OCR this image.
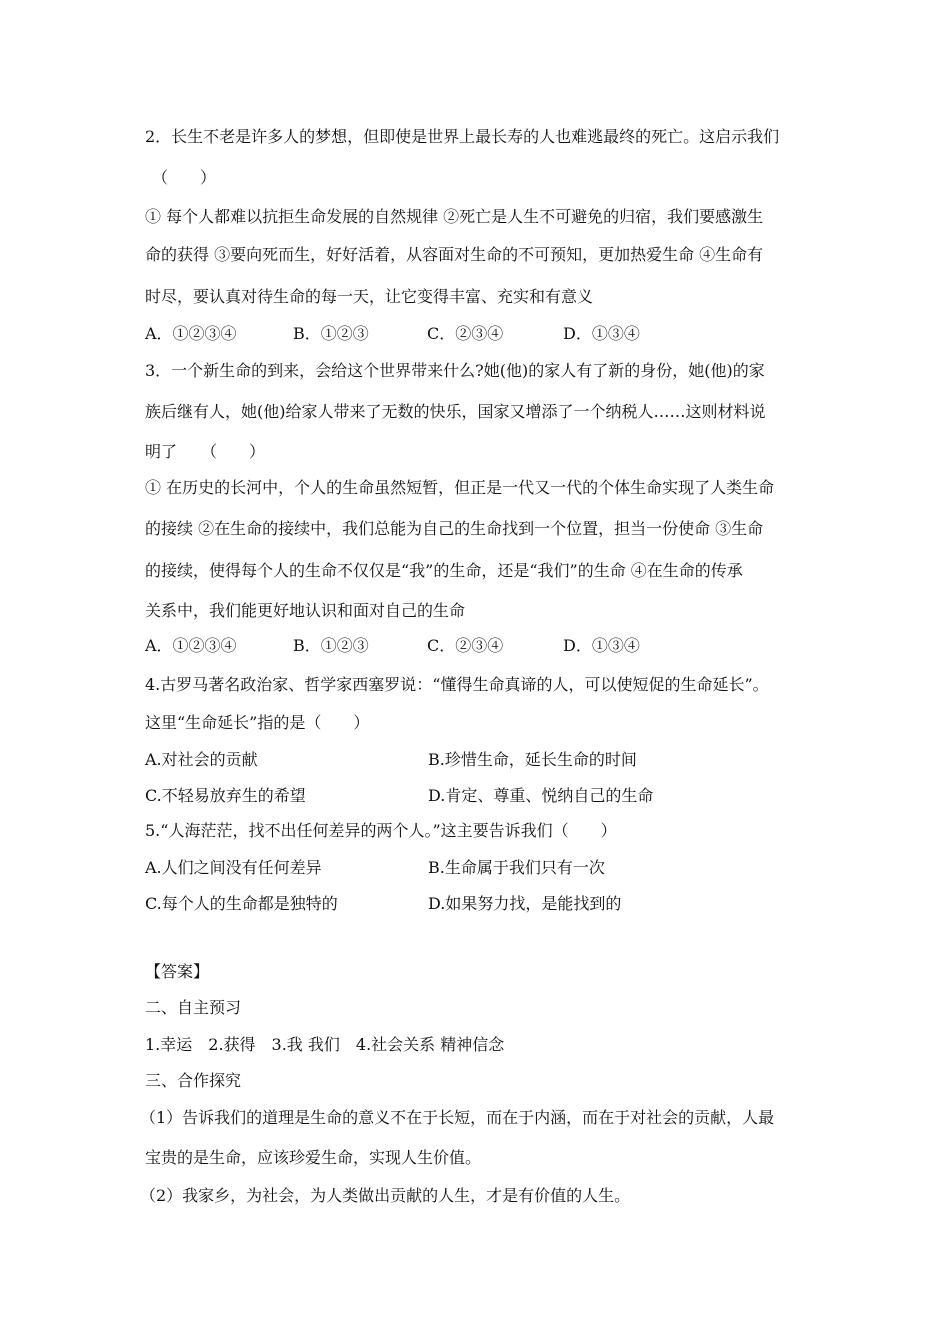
2．长生不老是许多人的梦想，但即使是世界上最长寿的人也难逃最终的死亡。这启示我们
（　　）
① 每个人都难以抗拒生命发展的自然规律 ②死亡是人生不可避免的归宿，我们要感激生
命的获得 ③要向死而生，好好活着，从容面对生命的不可预知，更加热爱生命 ④生命有
时尽，要认真对待生命的每一天，让它变得丰富、充实和有意义
A．①②③④	B．①②③	C．②③④	D．①③④
3．一个新生命的到来，会给这个世界带来什么?她(他)的家人有了新的身份，她(他)的家
族后继有人，她(他)给家人带来了无数的快乐，国家又增添了一个纳税人……这则材料说
明了　　（　　）
① 在历史的长河中，个人的生命虽然短暂，但正是一代又一代的个体生命实现了人类生命
的接续 ②在生命的接续中，我们总能为自己的生命找到一个位置，担当一份使命 ③生命
的接续，使得每个人的生命不仅仅是“我”的生命，还是“我们”的生命 ④在生命的传承
关系中，我们能更好地认识和面对自己的生命
A．①②③④	B．①②③	C．②③④	D．①③④
4.古罗马著名政治家、哲学家西塞罗说：“懂得生命真谛的人，可以使短促的生命延长”。
这里“生命延长”指的是（　　）
A.对社会的贡献	B.珍惜生命，延长生命的时间
C.不轻易放弃生的希望	D.肯定、尊重、悦纳自己的生命
5.“人海茫茫，找不出任何差异的两个人。”这主要告诉我们（　　）
A.人们之间没有任何差异	B.生命属于我们只有一次
C.每个人的生命都是独特的	D.如果努力找，是能找到的
【答案】
二、自主预习
1.幸运　2.获得　3.我 我们　4.社会关系 精神信念
三、合作探究
（1）告诉我们的道理是生命的意义不在于长短，而在于内涵，而在于对社会的贡献，人最
宝贵的是生命，应该珍爱生命，实现人生价值。
（2）我家乡，为社会，为人类做出贡献的人生，才是有价值的人生。
